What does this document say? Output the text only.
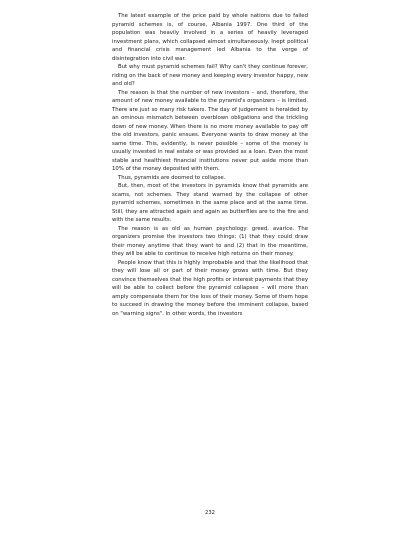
The latest example of the price paid by whole nations due to failed pyramid schemes is, of course, Albania 1997. One third of the population was heavily involved in a series of heavily leveraged investment plans, which collapsed almost simultaneously. Inept political and financial crisis management led Albania to the verge of disintegration into civil war.

But why must pyramid schemes fail? Why can't they continue forever, riding on the back of new money and keeping every investor happy, new and old?

The reason is that the number of new investors – and, therefore, the amount of new money available to the pyramid's organizers – is limited. There are just so many risk takers. The day of judgement is heralded by an ominous mismatch between overblown obligations and the trickling down of new money. When there is no more money available to pay off the old investors, panic ensues. Everyone wants to draw money at the same time. This, evidently, is never possible – some of the money is usually invested in real estate or was provided as a loan. Even the most stable and healthiest financial institutions never put aside more than 10% of the money deposited with them.

Thus, pyramids are doomed to collapse.

But, then, most of the investors in pyramids know that pyramids are scams, not schemes. They stand warned by the collapse of other pyramid schemes, sometimes in the same place and at the same time. Still, they are attracted again and again as butterflies are to the fire and with the same results.

The reason is as old as human psychology: greed, avarice. The organizers promise the investors two things: (1) that they could draw their money anytime that they want to and (2) that in the meantime, they will be able to continue to receive high returns on their money.

People know that this is highly improbable and that the likelihood that they will lose all or part of their money grows with time. But they convince themselves that the high profits or interest payments that they will be able to collect before the pyramid collapses – will more than amply compensate them for the loss of their money. Some of them hope to succeed in drawing the money before the imminent collapse, based on "warning signs". In other words, the investors

232
